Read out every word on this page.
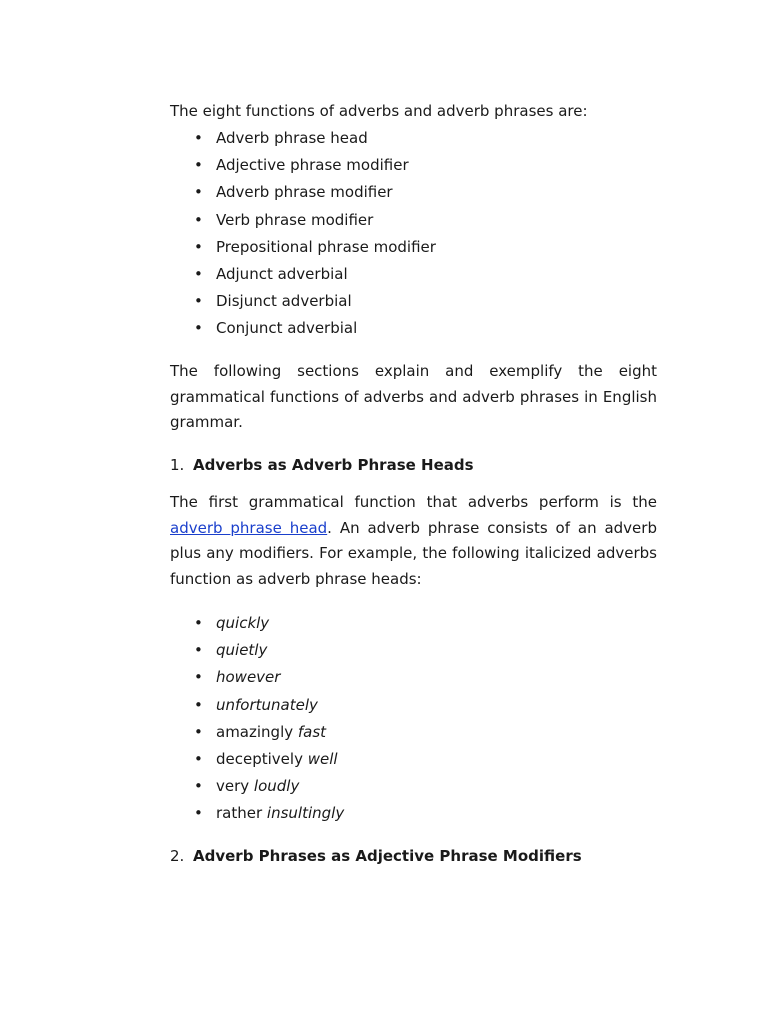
The eight functions of adverbs and adverb phrases are:
• Adverb phrase head
• Adjective phrase modifier
• Adverb phrase modifier
• Verb phrase modifier
• Prepositional phrase modifier
• Adjunct adverbial
• Disjunct adverbial
• Conjunct adverbial

The following sections explain and exemplify the eight grammatical functions of adverbs and adverb phrases in English grammar.

1. Adverbs as Adverb Phrase Heads

The first grammatical function that adverbs perform is the adverb phrase head. An adverb phrase consists of an adverb plus any modifiers. For example, the following italicized adverbs function as adverb phrase heads:

• quickly
• quietly
• however
• unfortunately
• amazingly fast
• deceptively well
• very loudly
• rather insultingly
2. Adverb Phrases as Adjective Phrase Modifiers
